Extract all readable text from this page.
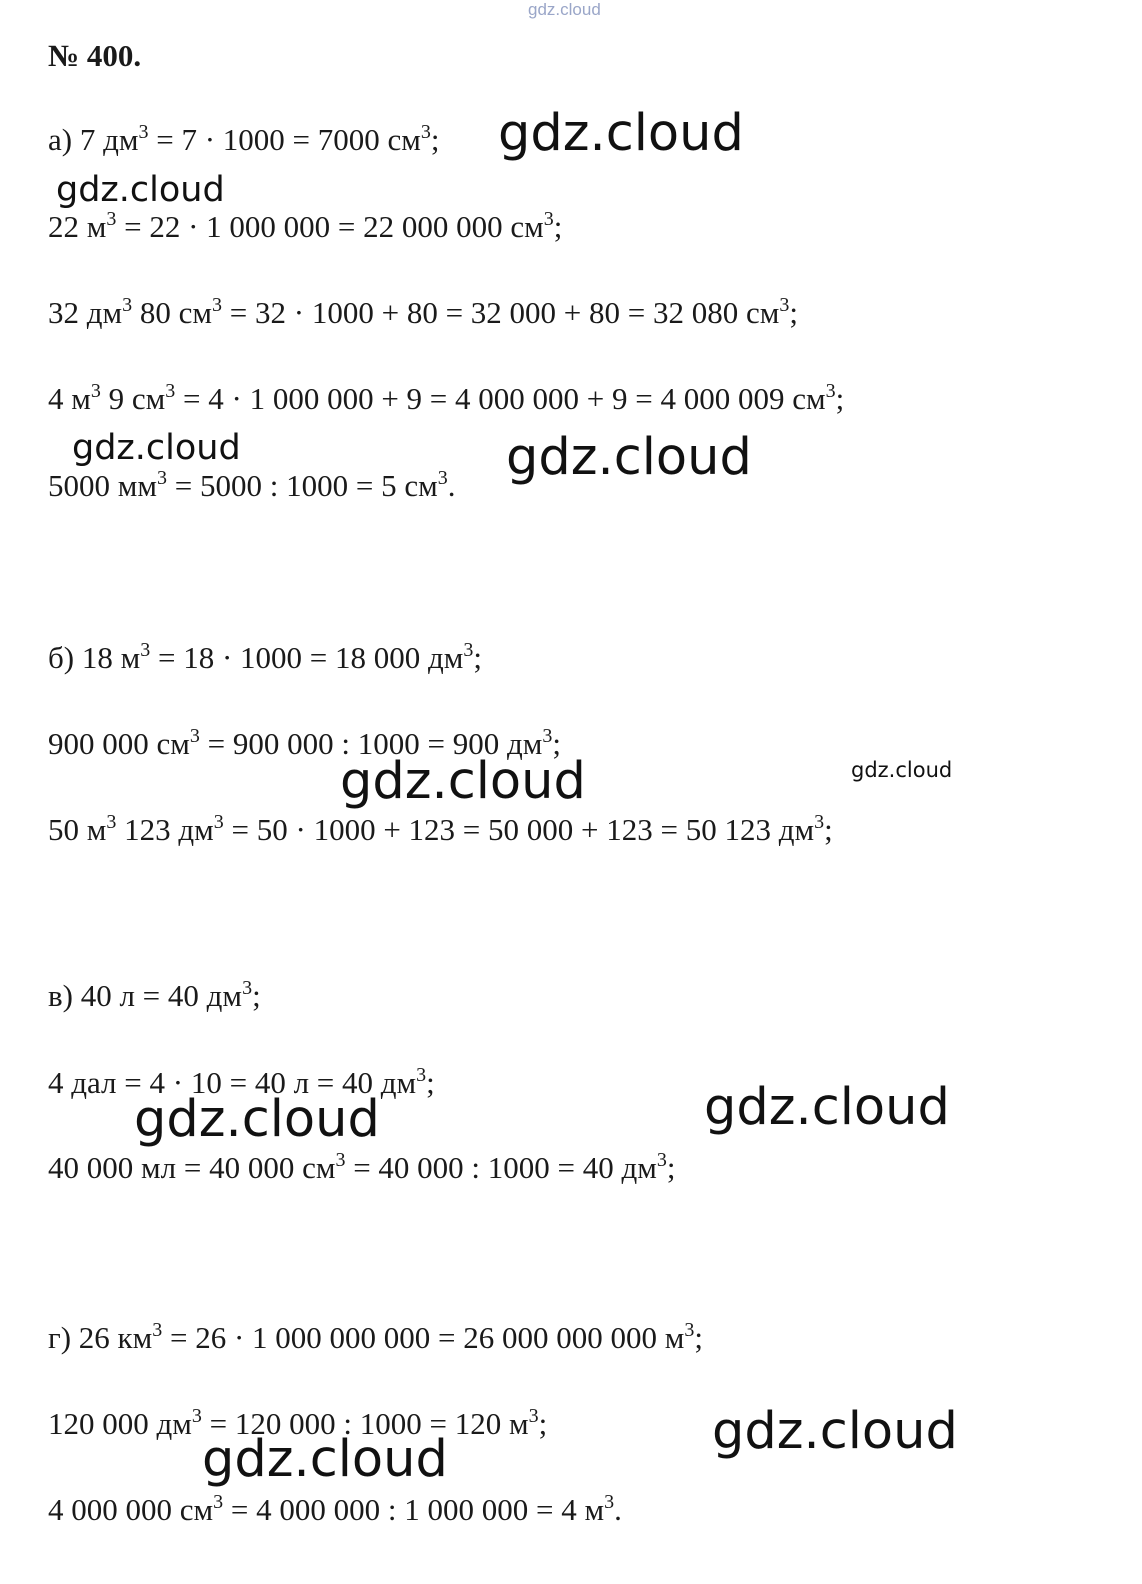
gdz.cloud
№ 400.
а) 7 $дм^3 = 7 \cdot 1000 = 7000$ $см^3$;
22 $м^3 = 22 \cdot 1$ 000 000 = 22 000 000 $см^3$;
32 $дм^3$ 80 $см^3 = 32 \cdot 1000 + 80 = 32$ 000 + 80 = 32 080 $см^3$;
4 $м^3$ 9 $см^3 = 4 \cdot 1$ 000 000 + 9 = 4 000 000 + 9 = 4 000 009 $см^3$;
5000 $мм^3 = 5000$ : 1000 = 5 $см^3$.
б) 18 $м^3 = 18 \cdot 1000 = 18$ 000 $дм^3$;
900 000 $см^3 = 900$ 000 : 1000 = 900 $дм^3$;
50 $м^3$ 123 $дм^3 = 50 \cdot 1000 + 123 = 50$ 000 + 123 = 50 123 $дм^3$;
в) 40 л = 40 $дм^3$;
4 дал = 4 · 10 = 40 л = 40 $дм^3$;
40 000 мл = 40 000 $см^3 = 40$ 000 : 1000 = 40 $дм^3$;
г) 26 $км^3 = 26 \cdot 1$ 000 000 000 = 26 000 000 000 $м^3$;
120 000 $дм^3 = 120$ 000 : 1000 = 120 $м^3$;
4 000 000 $см^3 = 4$ 000 000 : 1 000 000 = 4 $м^3$.
gdz.cloud
gdz.cloud
gdz.cloud	gdz.cloud
gdz.cloud	gdz.cloud
gdz.cloud
gdz.cloud
gdz.cloud
gdz.cloud
